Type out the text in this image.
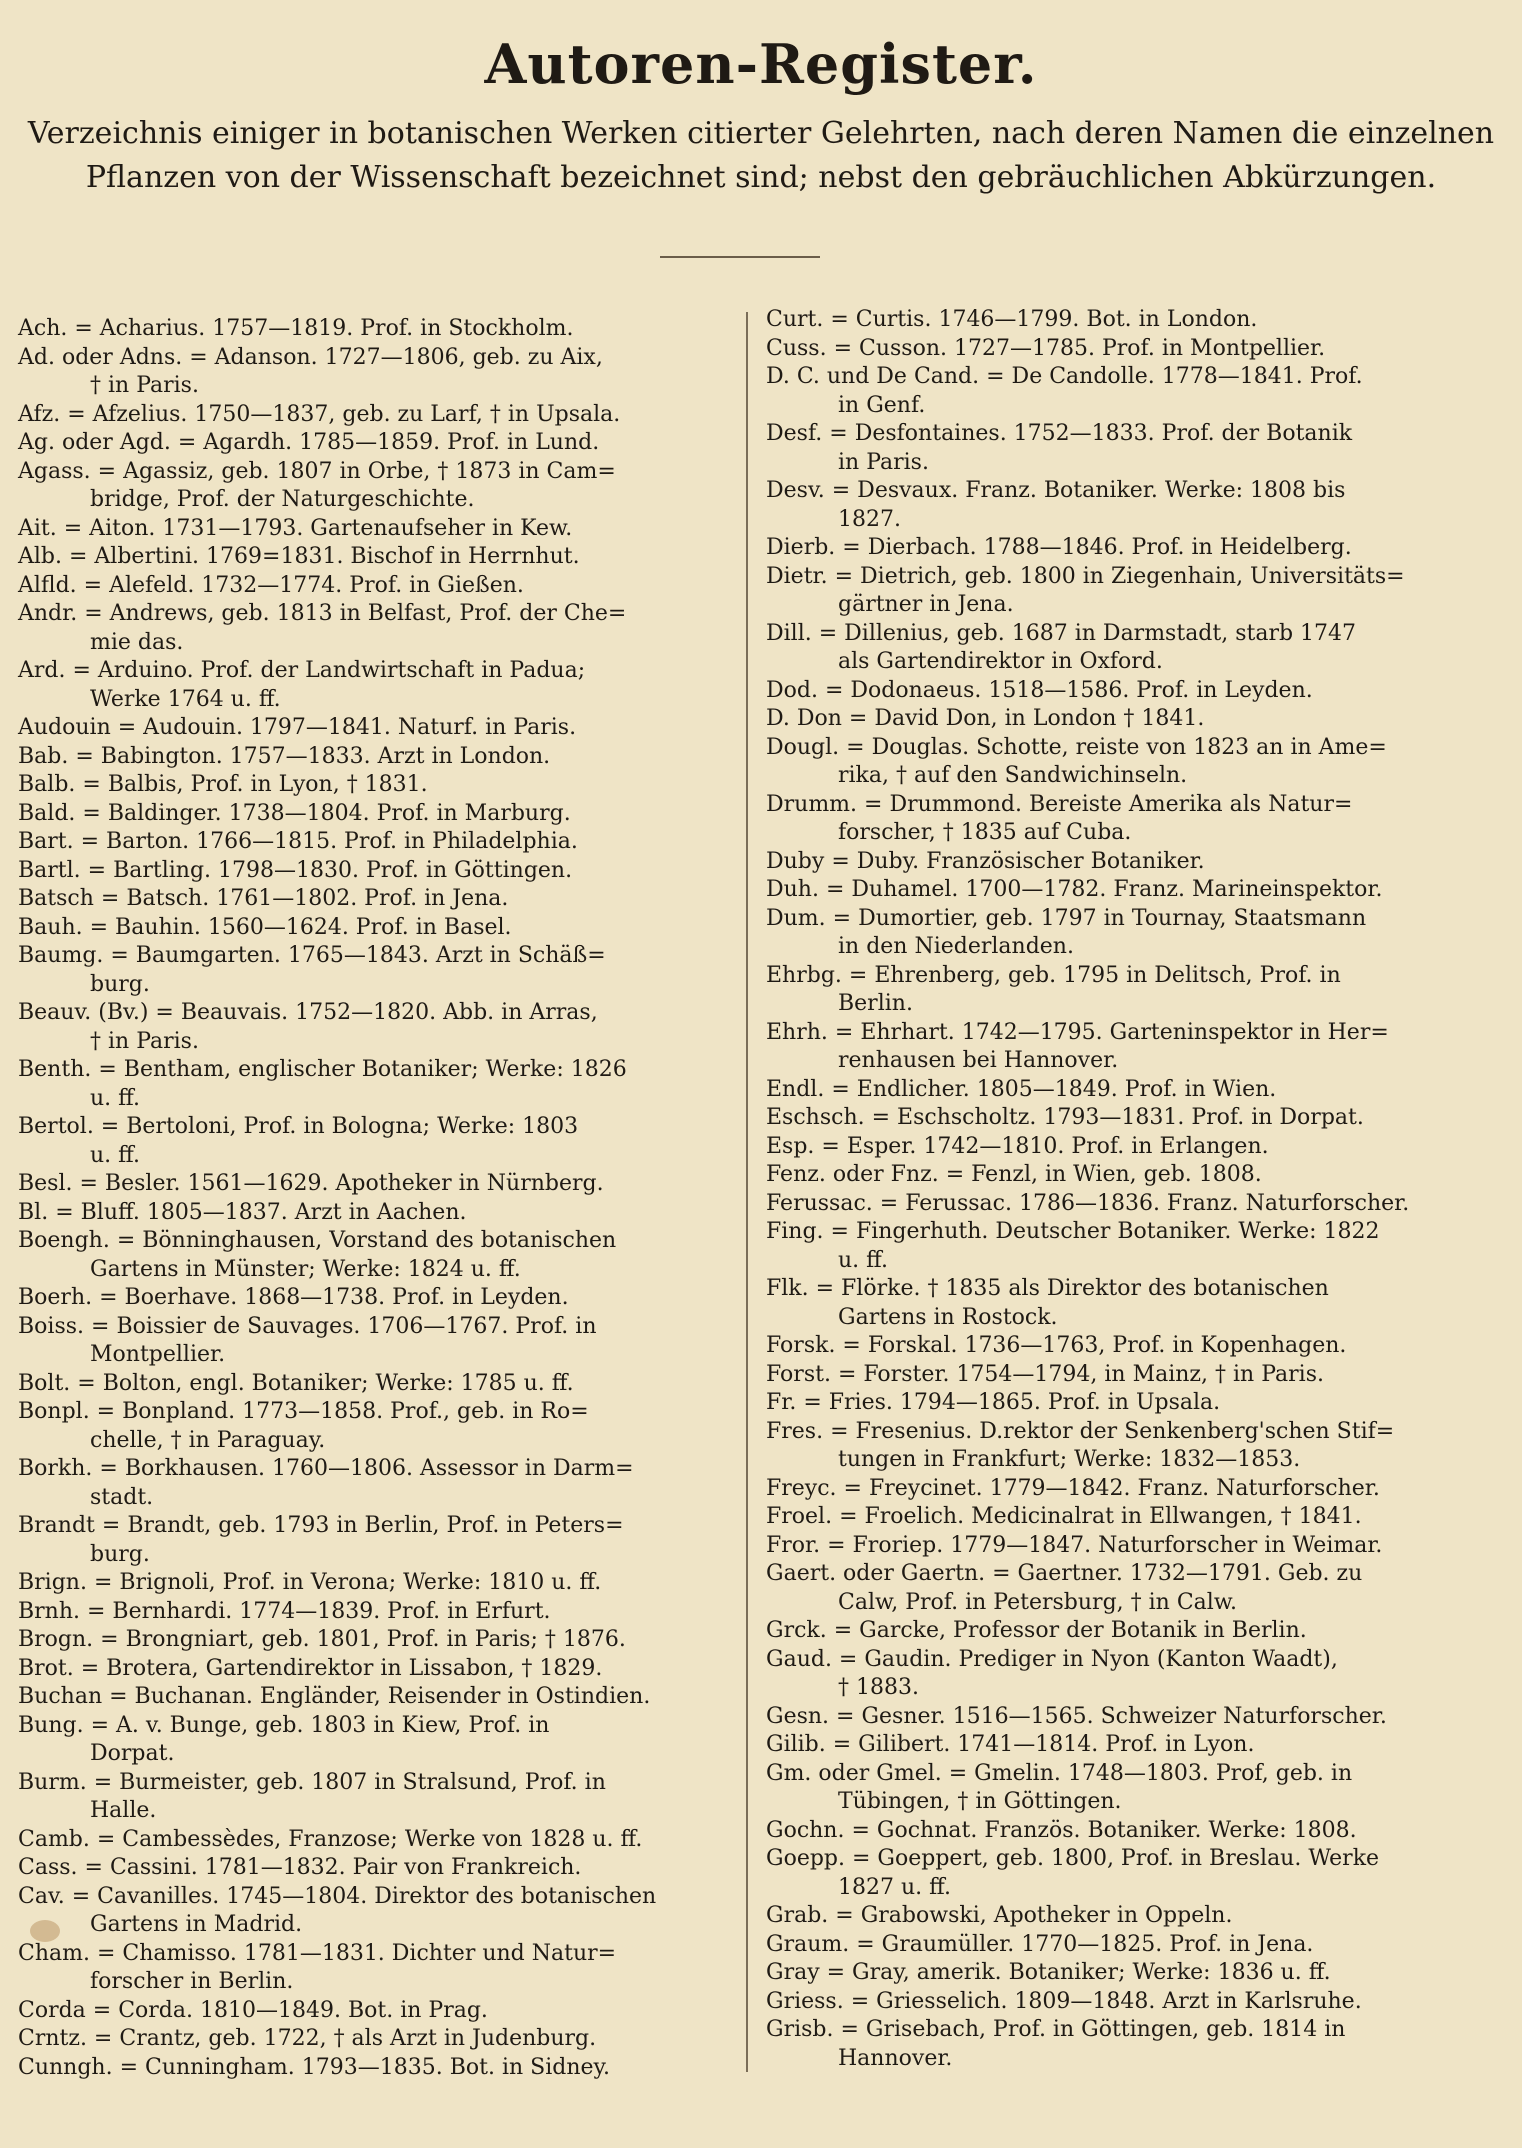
Autoren-Register.
Verzeichnis einiger in botanischen Werken citierter Gelehrten, nach deren Namen die einzelnen
Pflanzen von der Wissenschaft bezeichnet sind; nebst den gebräuchlichen Abkürzungen.
Ach. = Acharius. 1757—1819. Prof. in Stockholm.
Ad. oder Adns. = Adanson. 1727—1806, geb. zu Aix,
† in Paris.
Afz. = Afzelius. 1750—1837, geb. zu Larf, † in Upsala.
Ag. oder Agd. = Agardh. 1785—1859. Prof. in Lund.
Agass. = Agassiz, geb. 1807 in Orbe, † 1873 in Cam=
bridge, Prof. der Naturgeschichte.
Ait. = Aiton. 1731—1793. Gartenaufseher in Kew.
Alb. = Albertini. 1769=1831. Bischof in Herrnhut.
Alfld. = Alefeld. 1732—1774. Prof. in Gießen.
Andr. = Andrews, geb. 1813 in Belfast, Prof. der Che=
mie das.
Ard. = Arduino. Prof. der Landwirtschaft in Padua;
Werke 1764 u. ff.
Audouin = Audouin. 1797—1841. Naturf. in Paris.
Bab. = Babington. 1757—1833. Arzt in London.
Balb. = Balbis, Prof. in Lyon, † 1831.
Bald. = Baldinger. 1738—1804. Prof. in Marburg.
Bart. = Barton. 1766—1815. Prof. in Philadelphia.
Bartl. = Bartling. 1798—1830. Prof. in Göttingen.
Batsch = Batsch. 1761—1802. Prof. in Jena.
Bauh. = Bauhin. 1560—1624. Prof. in Basel.
Baumg. = Baumgarten. 1765—1843. Arzt in Schäß=
burg.
Beauv. (Bv.) = Beauvais. 1752—1820. Abb. in Arras,
† in Paris.
Benth. = Bentham, englischer Botaniker; Werke: 1826
u. ff.
Bertol. = Bertoloni, Prof. in Bologna; Werke: 1803
u. ff.
Besl. = Besler. 1561—1629. Apotheker in Nürnberg.
Bl. = Bluff. 1805—1837. Arzt in Aachen.
Boengh. = Bönninghausen, Vorstand des botanischen
Gartens in Münster; Werke: 1824 u. ff.
Boerh. = Boerhave. 1868—1738. Prof. in Leyden.
Boiss. = Boissier de Sauvages. 1706—1767. Prof. in
Montpellier.
Bolt. = Bolton, engl. Botaniker; Werke: 1785 u. ff.
Bonpl. = Bonpland. 1773—1858. Prof., geb. in Ro=
chelle, † in Paraguay.
Borkh. = Borkhausen. 1760—1806. Assessor in Darm=
stadt.
Brandt = Brandt, geb. 1793 in Berlin, Prof. in Peters=
burg.
Brign. = Brignoli, Prof. in Verona; Werke: 1810 u. ff.
Brnh. = Bernhardi. 1774—1839. Prof. in Erfurt.
Brogn. = Brongniart, geb. 1801, Prof. in Paris; † 1876.
Brot. = Brotera, Gartendirektor in Lissabon, † 1829.
Buchan = Buchanan. Engländer, Reisender in Ostindien.
Bung. = A. v. Bunge, geb. 1803 in Kiew, Prof. in
Dorpat.
Burm. = Burmeister, geb. 1807 in Stralsund, Prof. in
Halle.
Camb. = Cambessèdes, Franzose; Werke von 1828 u. ff.
Cass. = Cassini. 1781—1832. Pair von Frankreich.
Cav. = Cavanilles. 1745—1804. Direktor des botanischen
Gartens in Madrid.
Cham. = Chamisso. 1781—1831. Dichter und Natur=
forscher in Berlin.
Corda = Corda. 1810—1849. Bot. in Prag.
Crntz. = Crantz, geb. 1722, † als Arzt in Judenburg.
Cunngh. = Cunningham. 1793—1835. Bot. in Sidney.
Curt. = Curtis. 1746—1799. Bot. in London.
Cuss. = Cusson. 1727—1785. Prof. in Montpellier.
D. C. und De Cand. = De Candolle. 1778—1841. Prof.
in Genf.
Desf. = Desfontaines. 1752—1833. Prof. der Botanik
in Paris.
Desv. = Desvaux. Franz. Botaniker. Werke: 1808 bis
1827.
Dierb. = Dierbach. 1788—1846. Prof. in Heidelberg.
Dietr. = Dietrich, geb. 1800 in Ziegenhain, Universitäts=
gärtner in Jena.
Dill. = Dillenius, geb. 1687 in Darmstadt, starb 1747
als Gartendirektor in Oxford.
Dod. = Dodonaeus. 1518—1586. Prof. in Leyden.
D. Don = David Don, in London † 1841.
Dougl. = Douglas. Schotte, reiste von 1823 an in Ame=
rika, † auf den Sandwichinseln.
Drumm. = Drummond. Bereiste Amerika als Natur=
forscher, † 1835 auf Cuba.
Duby = Duby. Französischer Botaniker.
Duh. = Duhamel. 1700—1782. Franz. Marineinspektor.
Dum. = Dumortier, geb. 1797 in Tournay, Staatsmann
in den Niederlanden.
Ehrbg. = Ehrenberg, geb. 1795 in Delitsch, Prof. in
Berlin.
Ehrh. = Ehrhart. 1742—1795. Garteninspektor in Her=
renhausen bei Hannover.
Endl. = Endlicher. 1805—1849. Prof. in Wien.
Eschsch. = Eschscholtz. 1793—1831. Prof. in Dorpat.
Esp. = Esper. 1742—1810. Prof. in Erlangen.
Fenz. oder Fnz. = Fenzl, in Wien, geb. 1808.
Ferussac. = Ferussac. 1786—1836. Franz. Naturforscher.
Fing. = Fingerhuth. Deutscher Botaniker. Werke: 1822
u. ff.
Flk. = Flörke. † 1835 als Direktor des botanischen
Gartens in Rostock.
Forsk. = Forskal. 1736—1763, Prof. in Kopenhagen.
Forst. = Forster. 1754—1794, in Mainz, † in Paris.
Fr. = Fries. 1794—1865. Prof. in Upsala.
Fres. = Fresenius. D.rektor der Senkenberg'schen Stif=
tungen in Frankfurt; Werke: 1832—1853.
Freyc. = Freycinet. 1779—1842. Franz. Naturforscher.
Froel. = Froelich. Medicinalrat in Ellwangen, † 1841.
Fror. = Froriep. 1779—1847. Naturforscher in Weimar.
Gaert. oder Gaertn. = Gaertner. 1732—1791. Geb. zu
Calw, Prof. in Petersburg, † in Calw.
Grck. = Garcke, Professor der Botanik in Berlin.
Gaud. = Gaudin. Prediger in Nyon (Kanton Waadt),
† 1883.
Gesn. = Gesner. 1516—1565. Schweizer Naturforscher.
Gilib. = Gilibert. 1741—1814. Prof. in Lyon.
Gm. oder Gmel. = Gmelin. 1748—1803. Prof, geb. in
Tübingen, † in Göttingen.
Gochn. = Gochnat. Französ. Botaniker. Werke: 1808.
Goepp. = Goeppert, geb. 1800, Prof. in Breslau. Werke
1827 u. ff.
Grab. = Grabowski, Apotheker in Oppeln.
Graum. = Graumüller. 1770—1825. Prof. in Jena.
Gray = Gray, amerik. Botaniker; Werke: 1836 u. ff.
Griess. = Griesselich. 1809—1848. Arzt in Karlsruhe.
Grisb. = Grisebach, Prof. in Göttingen, geb. 1814 in
Hannover.
